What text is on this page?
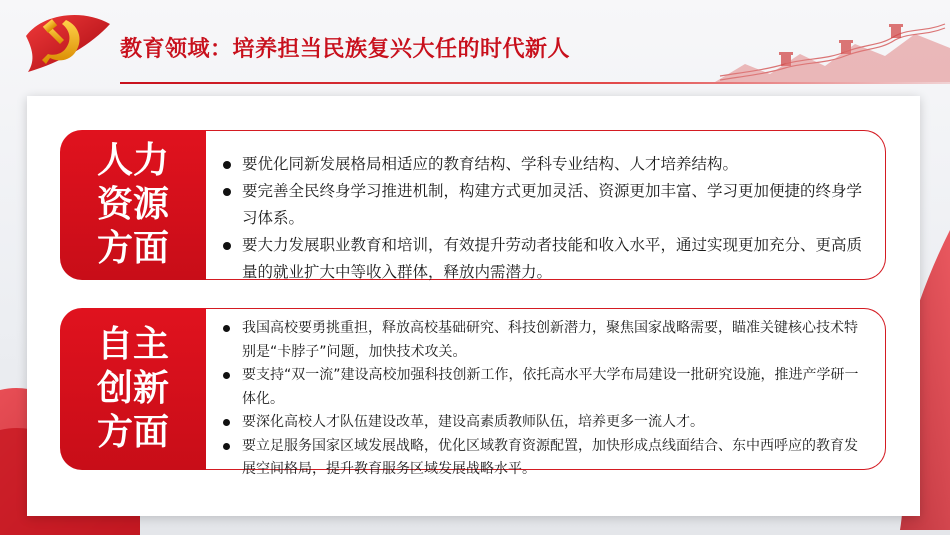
教育领域：培养担当民族复兴大任的时代新人
人力资源方面
要优化同新发展格局相适应的教育结构、学科专业结构、人才培养结构。
要完善全民终身学习推进机制，构建方式更加灵活、资源更加丰富、学习更加便捷的终身学习体系。
要大力发展职业教育和培训，有效提升劳动者技能和收入水平，通过实现更加充分、更高质量的就业扩大中等收入群体，释放内需潜力。
自主创新方面
我国高校要勇挑重担，释放高校基础研究、科技创新潜力，聚焦国家战略需要，瞄准关键核心技术特别是“卡脖子”问题，加快技术攻关。
要支持“双一流”建设高校加强科技创新工作，依托高水平大学布局建设一批研究设施，推进产学研一体化。
要深化高校人才队伍建设改革，建设高素质教师队伍，培养更多一流人才。
要立足服务国家区域发展战略，优化区域教育资源配置，加快形成点线面结合、东中西呼应的教育发展空间格局，提升教育服务区域发展战略水平。
